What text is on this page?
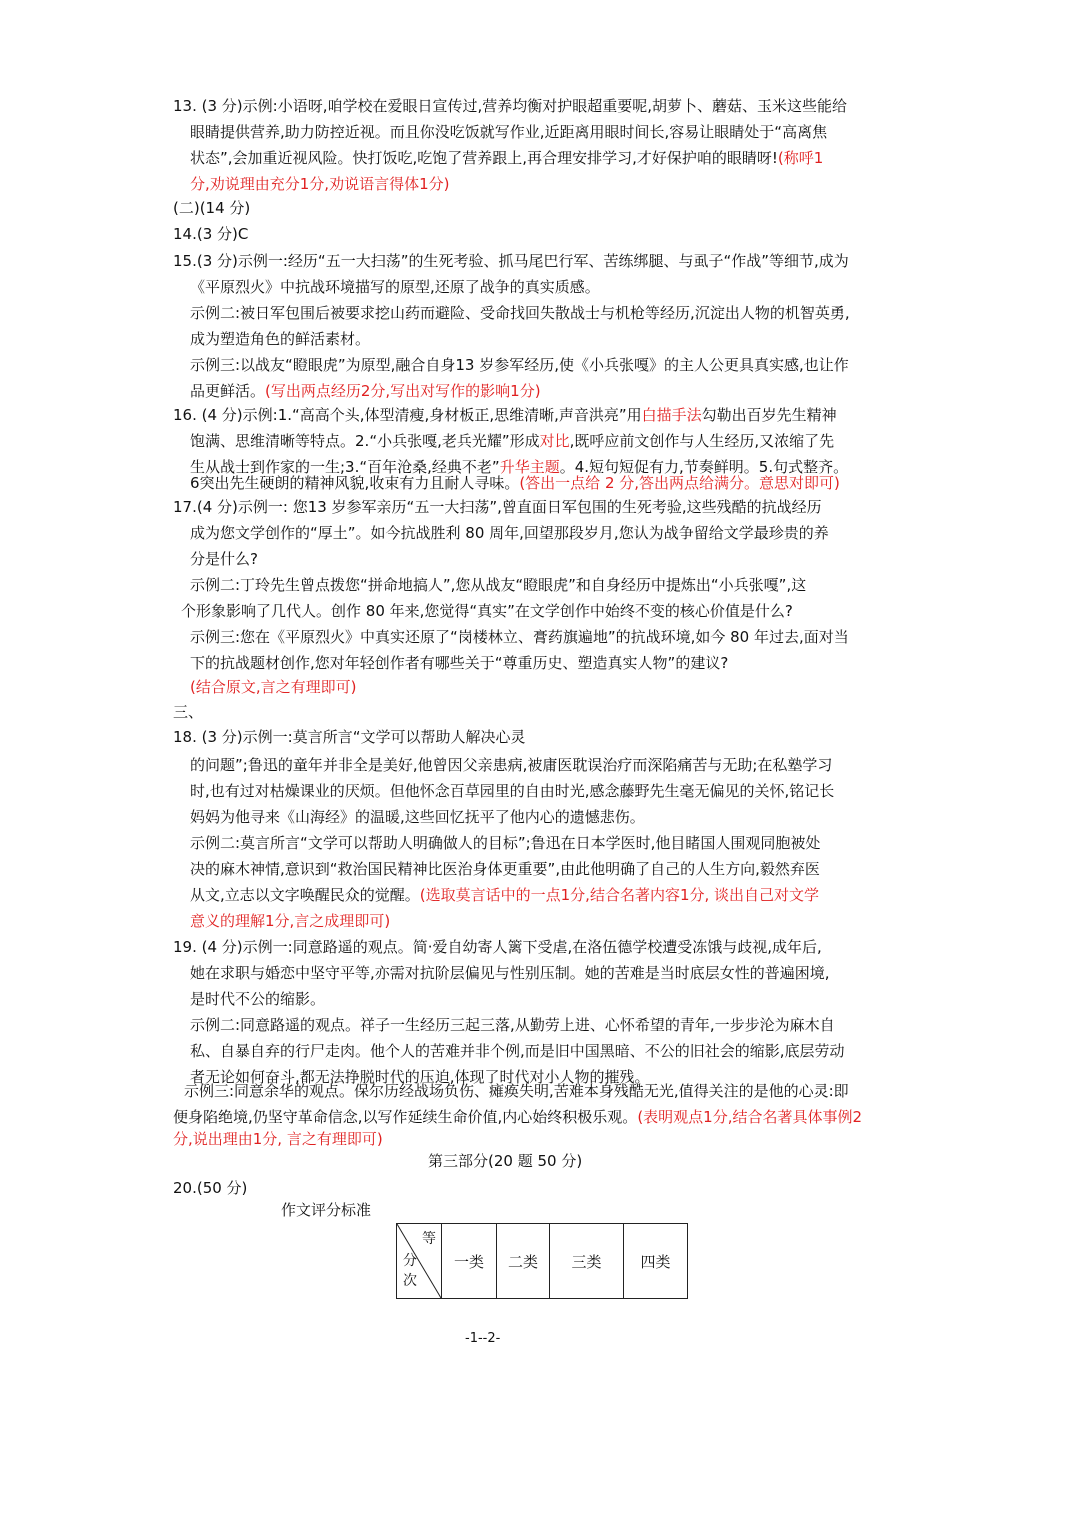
13. (3 分)示例:小语呀,咱学校在爱眼日宣传过,营养均衡对护眼超重要呢,胡萝卜、蘑菇、玉米这些能给
眼睛提供营养,助力防控近视。而且你没吃饭就写作业,近距离用眼时间长,容易让眼睛处于“高离焦
状态”,会加重近视风险。快打饭吃,吃饱了营养跟上,再合理安排学习,才好保护咱的眼睛呀!(称呼1
分,劝说理由充分1分,劝说语言得体1分)
(二)(14 分)
14.(3 分)C
15.(3 分)示例一:经历“五一大扫荡”的生死考验、抓马尾巴行军、苦练绑腿、与虱子“作战”等细节,成为
《平原烈火》中抗战环境描写的原型,还原了战争的真实质感。
示例二:被日军包围后被要求挖山药而避险、受命找回失散战士与机枪等经历,沉淀出人物的机智英勇,
成为塑造角色的鲜活素材。
示例三:以战友“瞪眼虎”为原型,融合自身13 岁参军经历,使《小兵张嘎》的主人公更具真实感,也让作
品更鲜活。(写出两点经历2分,写出对写作的影响1分)
16. (4 分)示例:1.“高高个头,体型清瘦,身材板正,思维清晰,声音洪亮”用白描手法勾勒出百岁先生精神
饱满、思维清晰等特点。2.“小兵张嘎,老兵光耀”形成对比,既呼应前文创作与人生经历,又浓缩了先
生从战士到作家的一生;3.“百年沧桑,经典不老”升华主题。4.短句短促有力,节奏鲜明。5.句式整齐。
6突出先生硬朗的精神风貌,收束有力且耐人寻味。(答出一点给 2 分,答出两点给满分。意思对即可)
17.(4 分)示例一: 您13 岁参军亲历“五一大扫荡”,曾直面日军包围的生死考验,这些残酷的抗战经历
成为您文学创作的“厚土”。如今抗战胜利 80 周年,回望那段岁月,您认为战争留给文学最珍贵的养
分是什么?
示例二:丁玲先生曾点拨您“拼命地搞人”,您从战友“瞪眼虎”和自身经历中提炼出“小兵张嘎”,这
个形象影响了几代人。创作 80 年来,您觉得“真实”在文学创作中始终不变的核心价值是什么?
示例三:您在《平原烈火》中真实还原了“岗楼林立、膏药旗遍地”的抗战环境,如今 80 年过去,面对当
下的抗战题材创作,您对年轻创作者有哪些关于“尊重历史、塑造真实人物”的建议?
(结合原文,言之有理即可)
三、
18. (3 分)示例一:莫言所言“文学可以帮助人解决心灵
的问题”;鲁迅的童年并非全是美好,他曾因父亲患病,被庸医耽误治疗而深陷痛苦与无助;在私塾学习
时,也有过对枯燥课业的厌烦。但他怀念百草园里的自由时光,感念藤野先生毫无偏见的关怀,铭记长
妈妈为他寻来《山海经》的温暖,这些回忆抚平了他内心的遗憾悲伤。
示例二:莫言所言“文学可以帮助人明确做人的目标”;鲁迅在日本学医时,他目睹国人围观同胞被处
决的麻木神情,意识到“救治国民精神比医治身体更重要”,由此他明确了自己的人生方向,毅然弃医
从文,立志以文字唤醒民众的觉醒。(选取莫言话中的一点1分,结合名著内容1分, 谈出自己对文学
意义的理解1分,言之成理即可)
19. (4 分)示例一:同意路遥的观点。简·爱自幼寄人篱下受虐,在洛伍德学校遭受冻饿与歧视,成年后,
她在求职与婚恋中坚守平等,亦需对抗阶层偏见与性别压制。她的苦难是当时底层女性的普遍困境,
是时代不公的缩影。
示例二:同意路遥的观点。祥子一生经历三起三落,从勤劳上进、心怀希望的青年,一步步沦为麻木自
私、自暴自弃的行尸走肉。他个人的苦难并非个例,而是旧中国黑暗、不公的旧社会的缩影,底层劳动
者无论如何奋斗,都无法挣脱时代的压迫,体现了时代对小人物的摧残。
示例三:同意余华的观点。保尔历经战场负伤、瘫痪失明,苦难本身残酷无光,值得关注的是他的心灵:即
便身陷绝境,仍坚守革命信念,以写作延续生命价值,内心始终积极乐观。(表明观点1分,结合名著具体事例2
分,说出理由1分, 言之有理即可)
第三部分(20 题 50 分)
20.(50 分)
作文评分标准
等
分
次
	一类	二类	三类	四类
-1--2-
